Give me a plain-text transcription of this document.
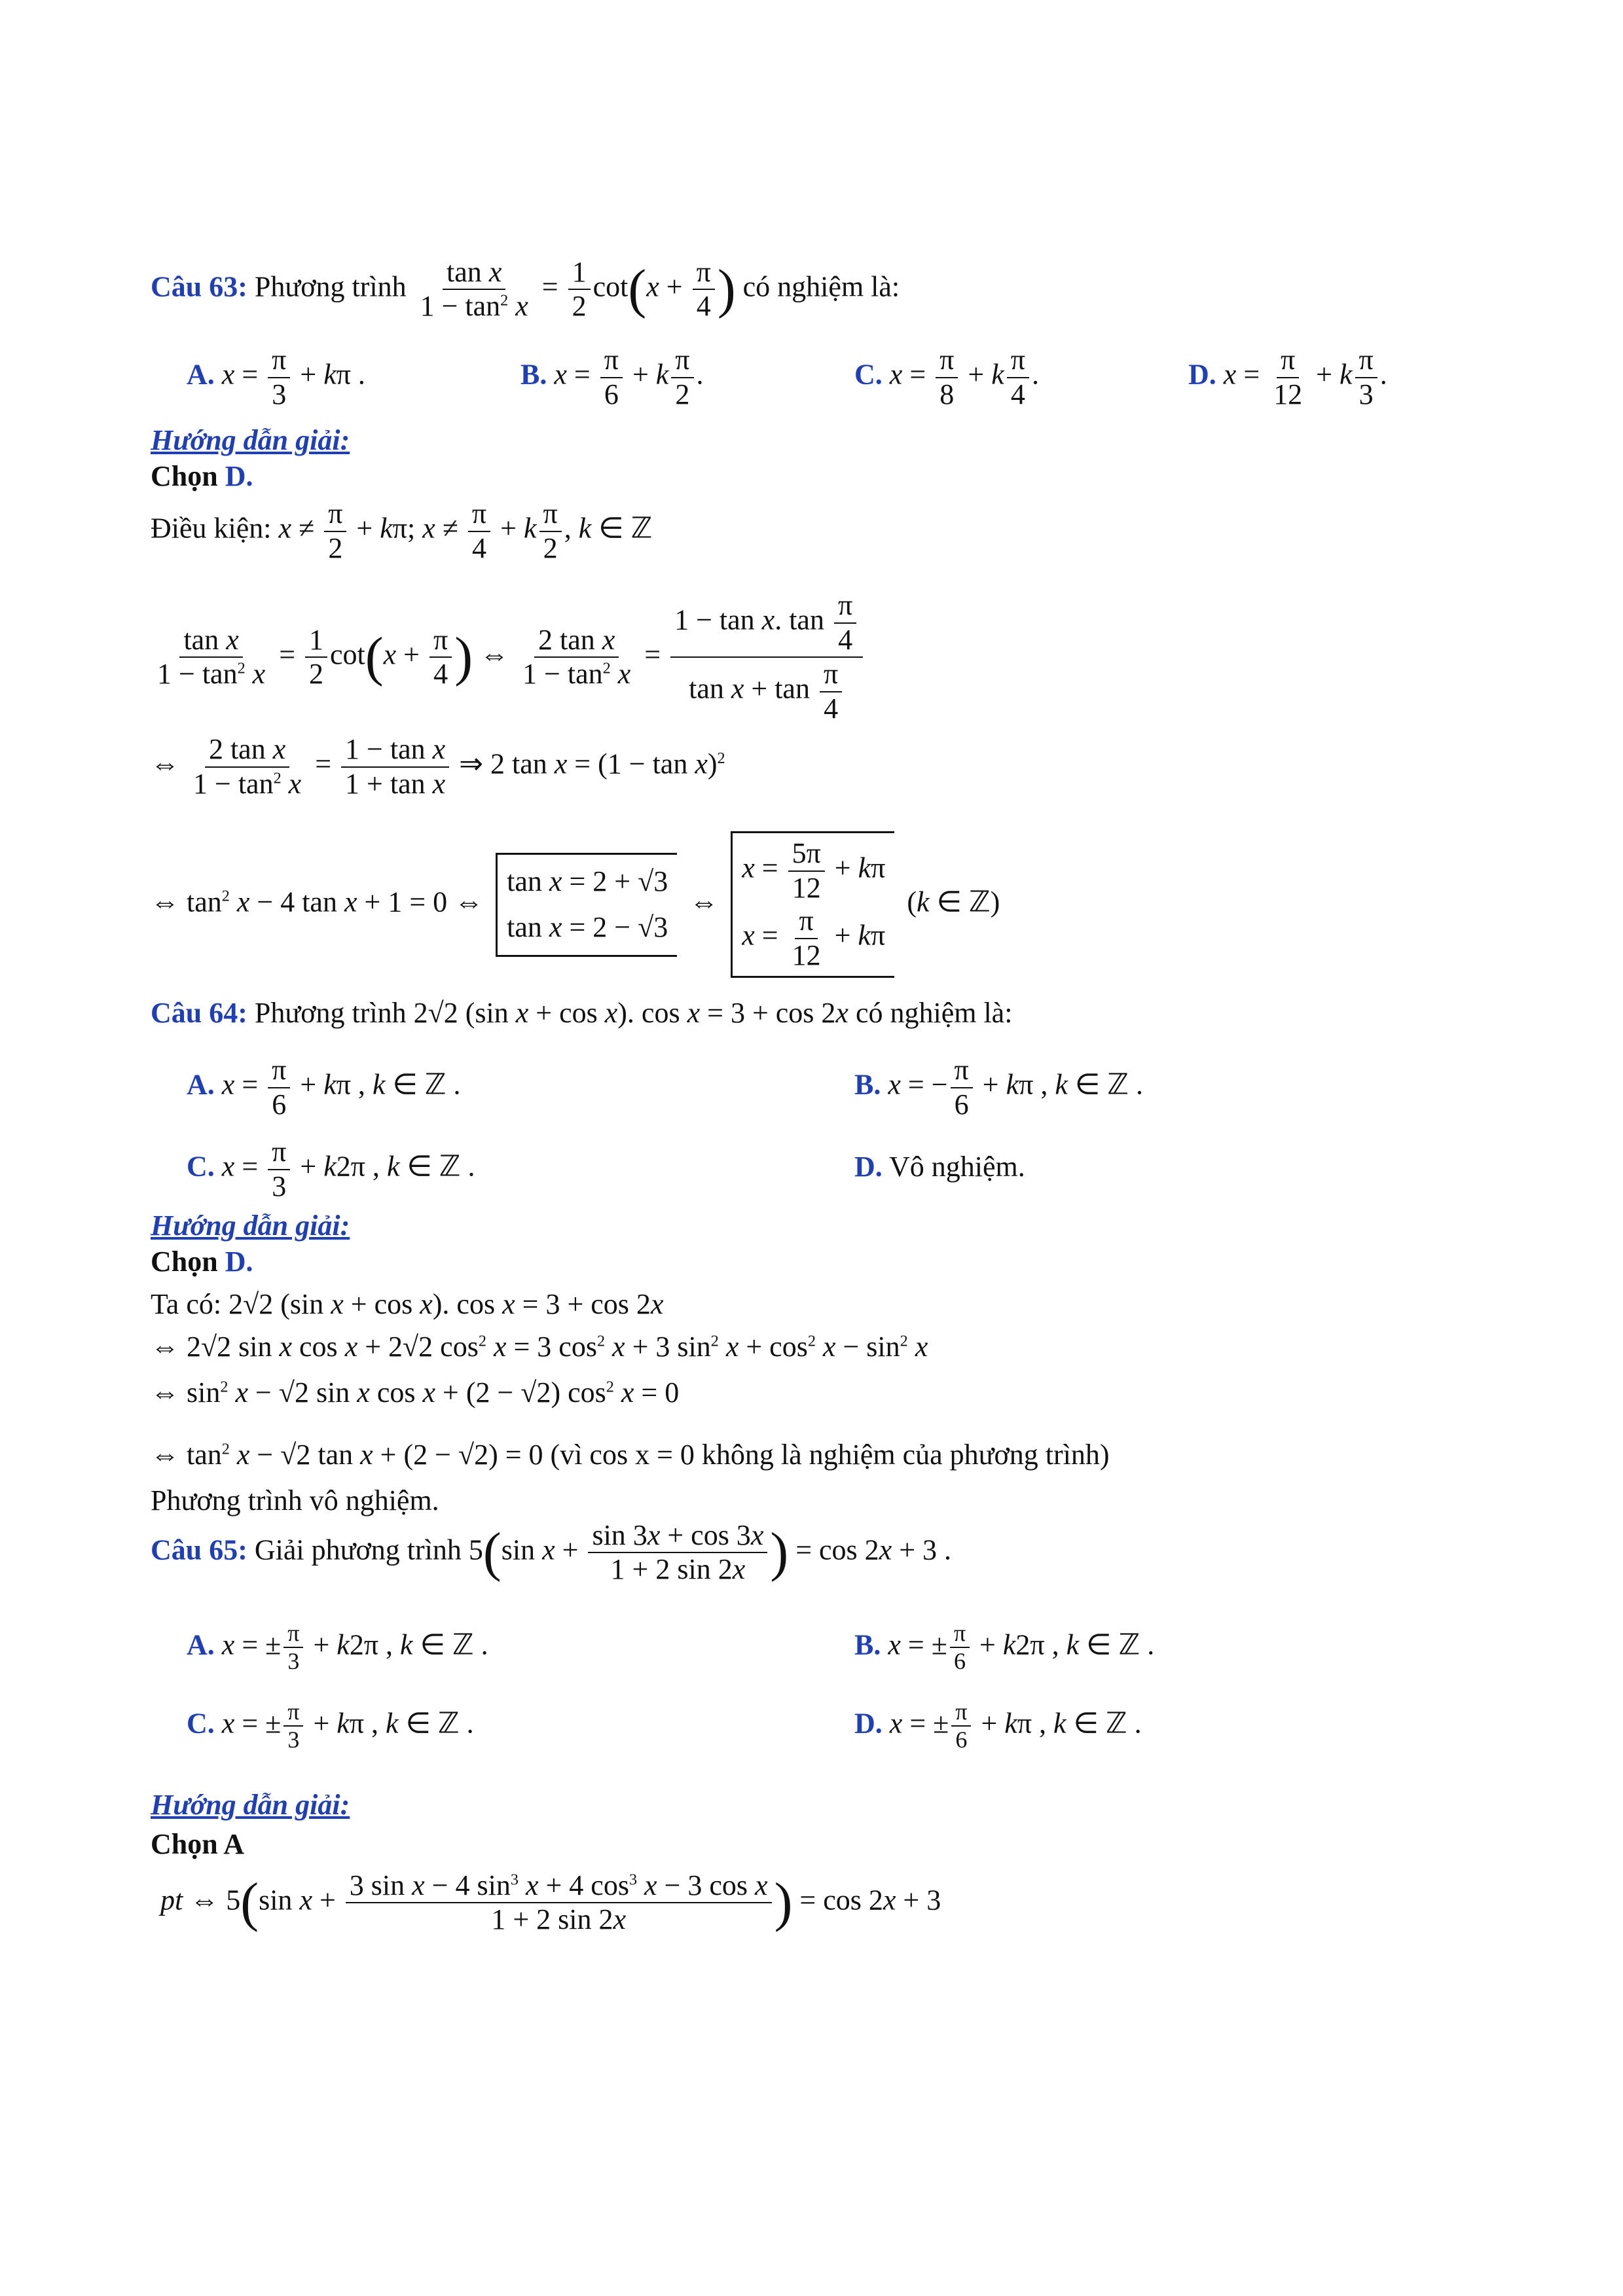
Câu 63: Phương trình $\frac{\text{tan x}}{1 - \tan^2 x} = \frac{1}{2} \cot(x + \frac{\pi}{4}$ ) có nghiệm là:
A. $x = \frac{\pi}{3} + k\pi$ .	B. $x = \frac{\pi}{6} + k \frac{\pi}{2}$ .	C. $x = \frac{\pi}{8} + k \frac{\pi}{4}$ .	D. $x = \frac{\pi}{12} + k \frac{\pi}{3}$ .
Hướng dẫn giải:
Chọn D.
Điều kiện: $x \ne \frac{\pi}{2} + k\pi$; $x \ne \frac{\pi}{4} + k \frac{\pi}{2}$ , k ∈ ℤ
$\frac{\text{tan x}}{1 - \tan^2 x} = \frac{1}{2} \cot(x + \frac{\pi}{4}$ ) ⇔ $\frac{\text{2 tan x}}{1 - \tan^2 x} = \frac{1 - \tan x. \tan \frac{\pi}{4}}{\tan x + \tan \frac{\pi}{4}}$
⇔ $\frac{\text{2 tan x}}{1 - \tan^2 x} = \frac{\text{1 − tan x}}{\text{1 + tan x}}$ ⇒ 2 $\tan x = (1 - \tan x)^2$
⇔ $\tan^2 x - 4$ tan x + 1 = 0 ⇔
tan x = 2 + √3
tan x = 2 − √3
⇔
$x = \frac{5\pi}{12} + k\pi$
$x = \frac{\pi}{12} + k\pi$
(k ∈ ℤ)
Câu 64: Phương trình 2√2 (sin x + cos x). cos x = 3 + cos 2x có nghiệm là:
A. $x = \frac{\pi}{6} + k\pi$ , k ∈ ℤ .	B. x = − $\frac{\pi}{6} + k\pi$ , k ∈ ℤ .
C. $x = \frac{\pi}{3} + k2\pi$ , k ∈ ℤ .	D. Vô nghiệm.
Hướng dẫn giải:
Chọn D.
Ta có: 2√2 (sin x + cos x). cos x = 3 + cos 2x
⇔ 2√2 sin x cos x + 2√2 $\cos^2 x = 3$ $\cos^2 x + 3$ $\sin^2 x + \cos^2 x - \sin^2 x$
⇔ $\sin^2 x - √2$ sin x cos x + (2 − √2) $\cos^2 x = 0$
⇔ $\tan^2 x - √2$ tan x + (2 − √2) = 0 (vì cos x = 0 không là nghiệm của phương trình)
Phương trình vô nghiệm.
Câu 65: Giải phương trình 5(sin $x + \frac{\sin 3x + \cos 3x}{1 + 2 \sin 2x}$ ) = cos 2x + 3 .
A. x = ± $\frac{\pi}{3} + k2\pi$ , k ∈ ℤ .	B. x = ± $\frac{\pi}{6} + k2\pi$ , k ∈ ℤ .
C. x = ± $\frac{\pi}{3} + k\pi$ , k ∈ ℤ .	D. x = ± $\frac{\pi}{6} + k\pi$ , k ∈ ℤ .
Hướng dẫn giải:
Chọn A
pt ⇔ 5(sin $x + \frac{3 \sin x - 4 \sin^3 x + 4 \cos^3 x - 3 \cos x}{1 + 2 \sin 2x}$ ) = cos 2x + 3
